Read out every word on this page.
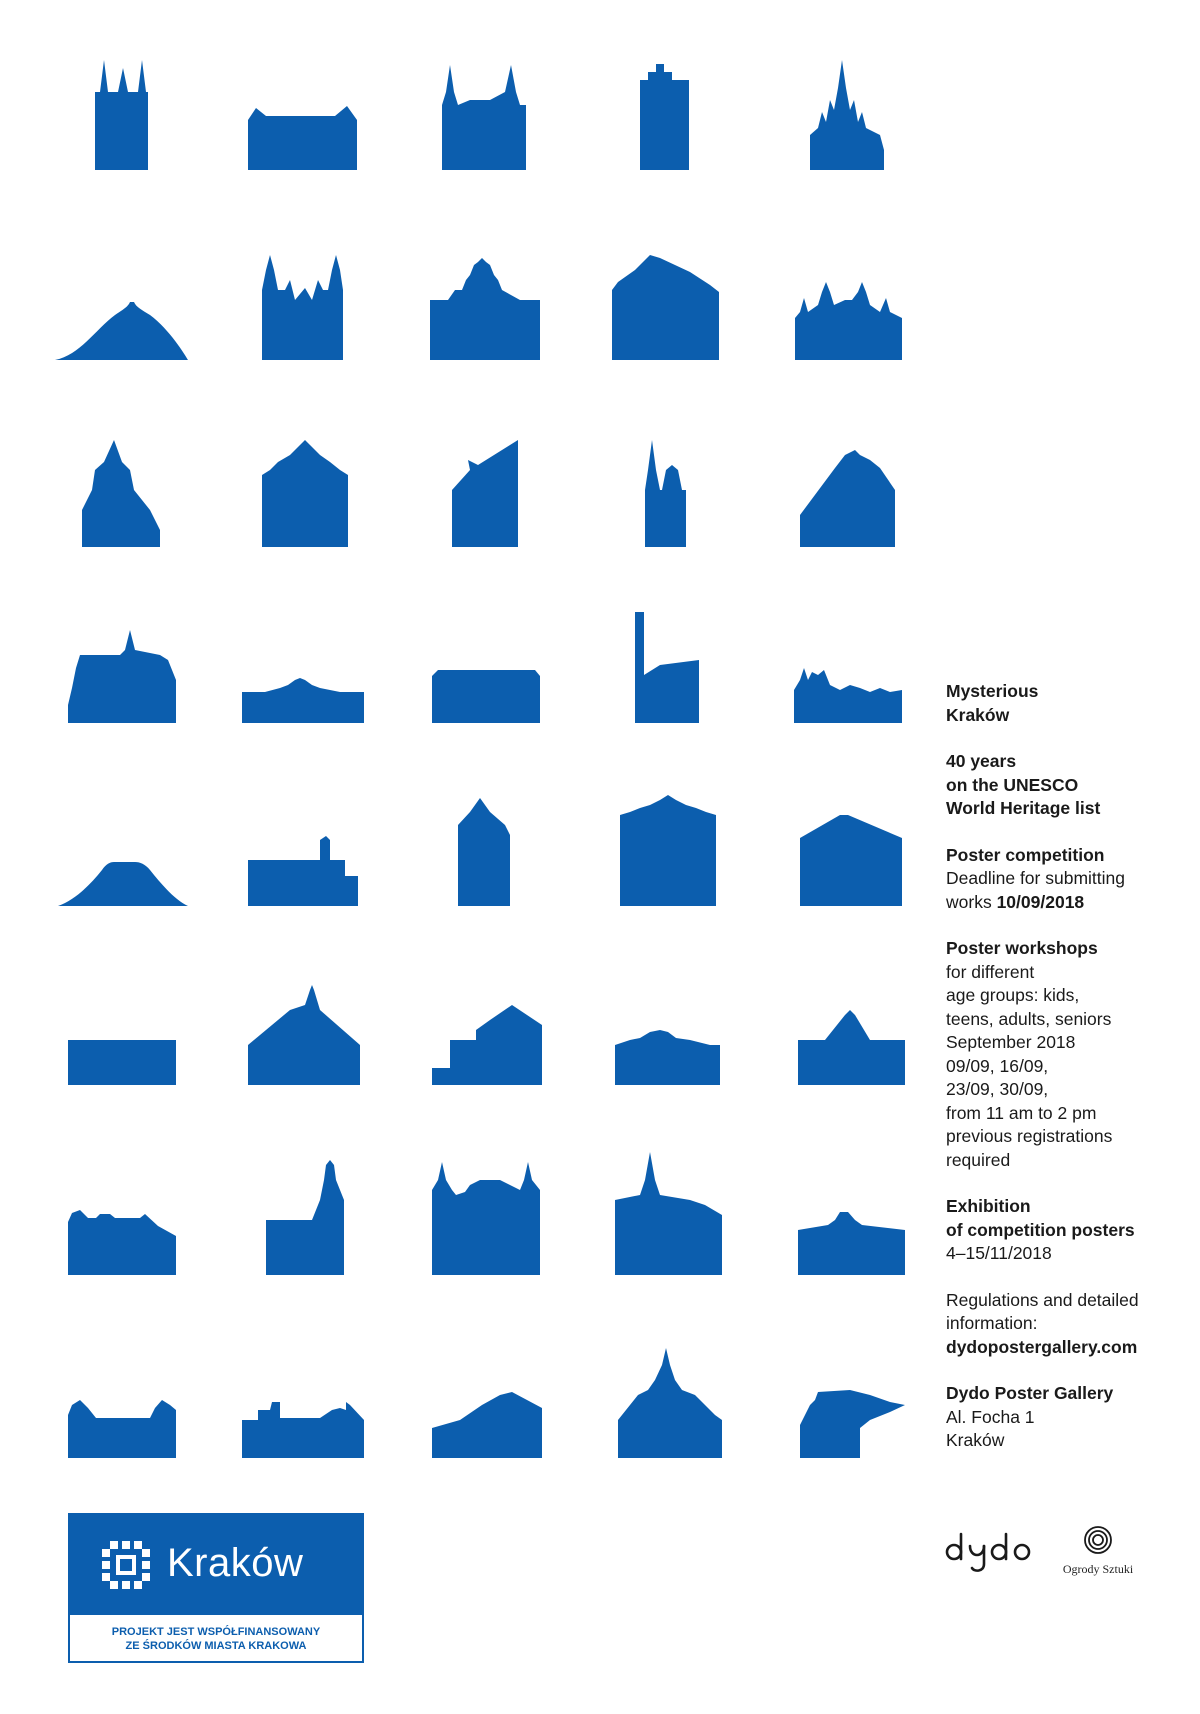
Mysterious
Kraków
40 years
on the UNESCO
World Heritage list
Poster competition
Deadline for submitting
works 10/09/2018
Poster workshops
for different
age groups: kids,
teens, adults, seniors
September 2018
09/09, 16/09,
23/09, 30/09,
from 11 am to 2 pm
previous registrations
required
Exhibition
of competition posters
4–15/11/2018
Regulations and detailed
information:
dydopostergallery.com
Dydo Poster Gallery
Al. Focha 1
Kraków
Kraków
PROJEKT JEST WSPÓŁFINANSOWANY
ZE ŚRODKÓW MIASTA KRAKOWA
Ogrody Sztuki
